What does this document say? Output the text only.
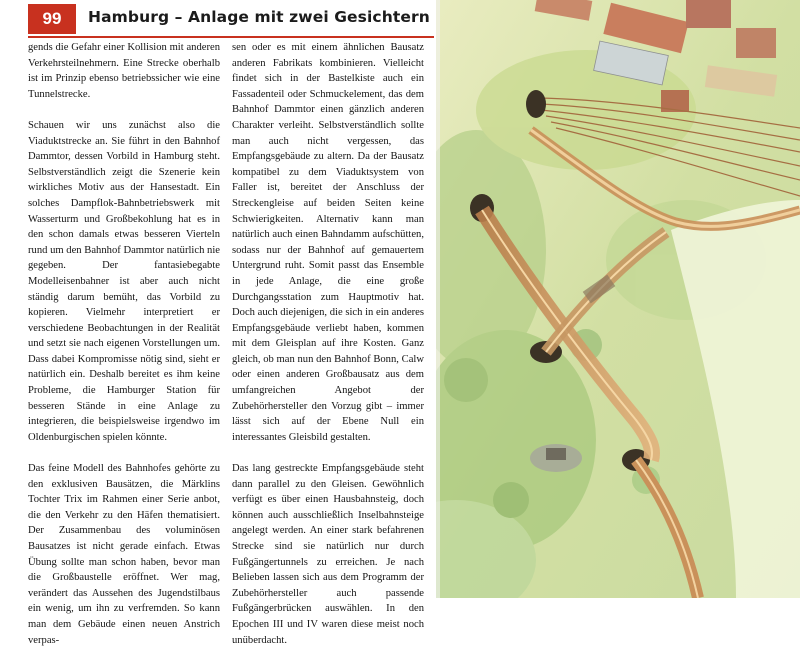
99	Hamburg – Anlage mit zwei Gesichtern

gends die Gefahr einer Kollision mit anderen Verkehrsteilnehmern. Eine Strecke oberhalb ist im Prinzip ebenso betriebssicher wie eine Tunnelstrecke.

Schauen wir uns zunächst also die Viaduktstrecke an. Sie führt in den Bahnhof Dammtor, dessen Vorbild in Hamburg steht. Selbstverständlich zeigt die Szenerie kein wirkliches Motiv aus der Hansestadt. Ein solches Dampflok-Bahnbetriebswerk mit Wasserturm und Großbekohlung hat es in den schon damals etwas besseren Vierteln rund um den Bahnhof Dammtor natürlich nie gegeben. Der fantasiebegabte Modelleisenbahner ist aber auch nicht ständig darum bemüht, das Vorbild zu kopieren. Vielmehr interpretiert er verschiedene Beobachtungen in der Realität und setzt sie nach eigenen Vorstellungen um. Dass dabei Kompromisse nötig sind, sieht er natürlich ein. Deshalb bereitet es ihm keine Probleme, die Hamburger Station für besseren Stände in eine Anlage zu integrieren, die beispielsweise irgendwo im Oldenburgischen spielen könnte.

Das feine Modell des Bahnhofes gehörte zu den exklusiven Bausätzen, die Märklins Tochter Trix im Rahmen einer Serie anbot, die den Verkehr zu den Häfen thematisiert. Der Zusammenbau des voluminösen Bausatzes ist nicht gerade einfach. Etwas Übung sollte man schon haben, bevor man die Großbaustelle eröffnet. Wer mag, verändert das Aussehen des Jugendstilbaus ein wenig, um ihn zu verfremden. So kann man dem Gebäude einen neuen Anstrich verpas-

sen oder es mit einem ähnlichen Bausatz anderen Fabrikats kombinieren. Vielleicht findet sich in der Bastelkiste auch ein Fassadenteil oder Schmuckelement, das dem Bahnhof Dammtor einen gänzlich anderen Charakter verleiht. Selbstverständlich sollte man auch nicht vergessen, das Empfangsgebäude zu altern. Da der Bausatz kompatibel zu dem Viaduktsystem von Faller ist, bereitet der Anschluss der Streckengleise auf beiden Seiten keine Schwierigkeiten. Alternativ kann man natürlich auch einen Bahndamm aufschütten, sodass nur der Bahnhof auf gemauertem Untergrund ruht. Somit passt das Ensemble in jede Anlage, die eine große Durchgangsstation zum Hauptmotiv hat. Doch auch diejenigen, die sich in ein anderes Empfangsgebäude verliebt haben, kommen mit dem Gleisplan auf ihre Kosten. Ganz gleich, ob man nun den Bahnhof Bonn, Calw oder einen anderen Großbausatz aus dem umfangreichen Angebot der Zubehörhersteller den Vorzug gibt – immer lässt sich auf der Ebene Null ein interessantes Gleisbild gestalten.

Das lang gestreckte Empfangsgebäude steht dann parallel zu den Gleisen. Gewöhnlich verfügt es über einen Hausbahnsteig, doch können auch ausschließlich Inselbahnsteige angelegt werden. An einer stark befahrenen Strecke sind sie natürlich nur durch Fußgängertunnels zu erreichen. Je nach Belieben lassen sich aus dem Programm der Zubehörhersteller auch passende Fußgängerbrücken auswählen. In den Epochen III und IV waren diese meist noch unüberdacht.
